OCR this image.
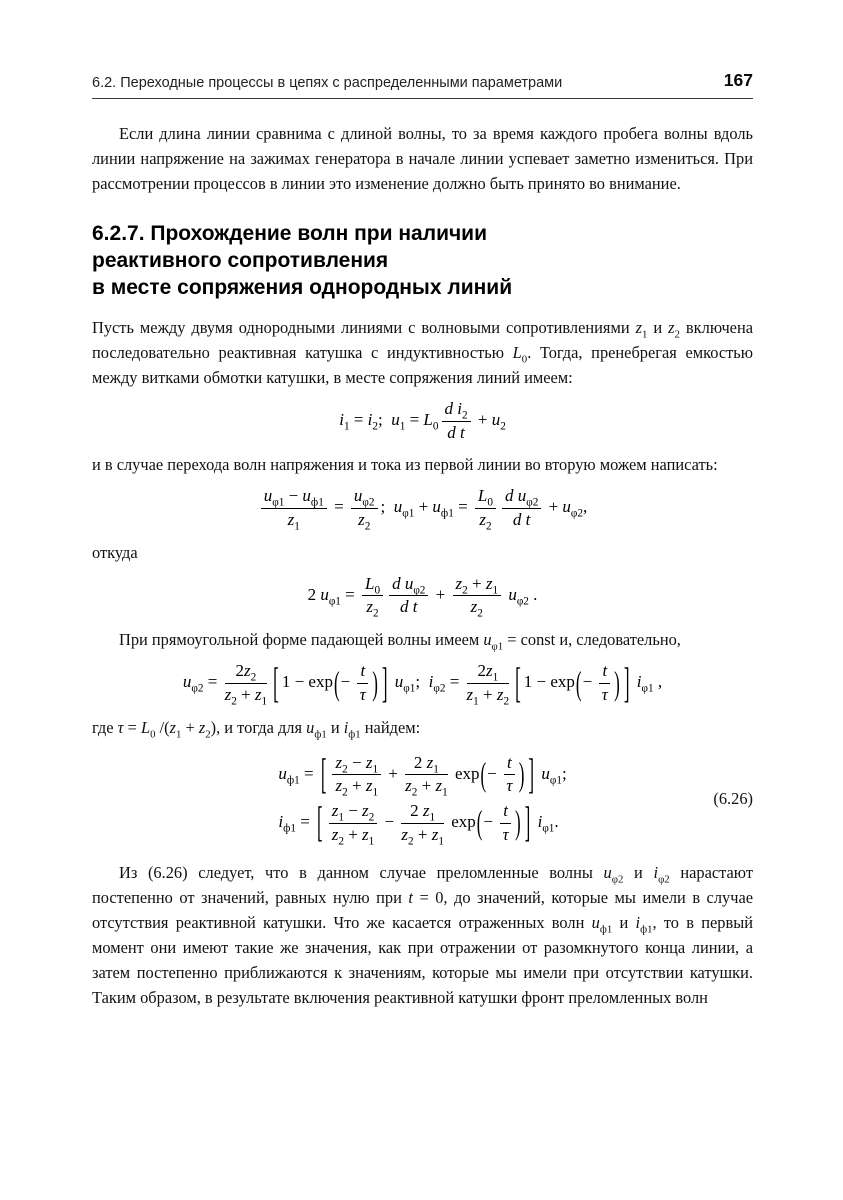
6.2. Переходные процессы в цепях с распределенными параметрами	167

Если длина линии сравнима с длиной волны, то за время каждого пробега волны вдоль линии напряжение на зажимах генератора в начале линии успевает заметно измениться. При рассмотрении процессов в линии это изменение должно быть принято во внимание.

6.2.7. Прохождение волн при наличии
реактивного сопротивления
в месте сопряжения однородных линий

Пусть между двумя однородными линиями с волновыми сопротивлениями $z_1$ и $z_2$ включена последовательно реактивная катушка с индуктивностью $L_0$. Тогда, пренебрегая емкостью между витками обмотки катушки, в месте сопряжения линий имеем:

$i_1 = i_2$;  $u_1 = L_0 \frac{d i_2}{\text{d t}} + u_2$

и в случае перехода волн напряжения и тока из первой линии во вторую можем написать:

$\frac{u_{\varphi 1} - u_{ф1}}{z_1} = \frac{u_{\varphi 2}}{z_2}$ ;  $u_{\varphi 1} + u_{ф1} = \frac{L_0}{z_2} \frac{d u_{\varphi 2}}{\text{d t}} + u_{\varphi 2}$,

откуда

2 $u_{\varphi 1} = \frac{L_0}{z_2} \frac{d u_{\varphi 2}}{\text{d t}} + \frac{z_2 + z_1}{z_2} u_{\varphi 2}$ .

При прямоугольной форме падающей волны имеем $u_{\varphi 1}$ = const и, следовательно,

$u_{\varphi 2} = \frac{2z_2}{z_2 + z_1}$ [ $1 - \exp(- \frac{t}{\tau}$ ) ] $u_{\varphi 1}$;  $i_{\varphi 2} = \frac{2z_1}{z_1 + z_2}$ [ $1 - \exp(- \frac{t}{\tau}$ ) ] $i_{\varphi 1}$ ,

где $\tau = L_0$ $/(z_1 + z_2)$, и тогда для $u_{ф1}$ и $i_{ф1}$ найдем:

$u_{ф1}$ = [ $\frac{z_2 - z_1}{z_2 + z_1} + \frac{2 z_1}{z_2 + z_1} \exp(- \frac{t}{\tau}$ ) ] $u_{\varphi 1}$;
$i_{ф1}$ = [ $\frac{z_1 - z_2}{z_2 + z_1} - \frac{2 z_1}{z_2 + z_1} \exp(- \frac{t}{\tau}$ ) ] $i_{\varphi 1}$.
(6.26)

Из (6.26) следует, что в данном случае преломленные волны $u_{\varphi 2}$ и $i_{\varphi 2}$ нарастают постепенно от значений, равных нулю при t = 0, до значений, которые мы имели в случае отсутствия реактивной катушки. Что же касается отраженных волн $u_{ф1}$ и $i_{ф1}$, то в первый момент они имеют такие же значения, как при отражении от разомкнутого конца линии, а затем постепенно приближаются к значениям, которые мы имели при отсутствии катушки. Таким образом, в результате включения реактивной катушки фронт преломленных волн
